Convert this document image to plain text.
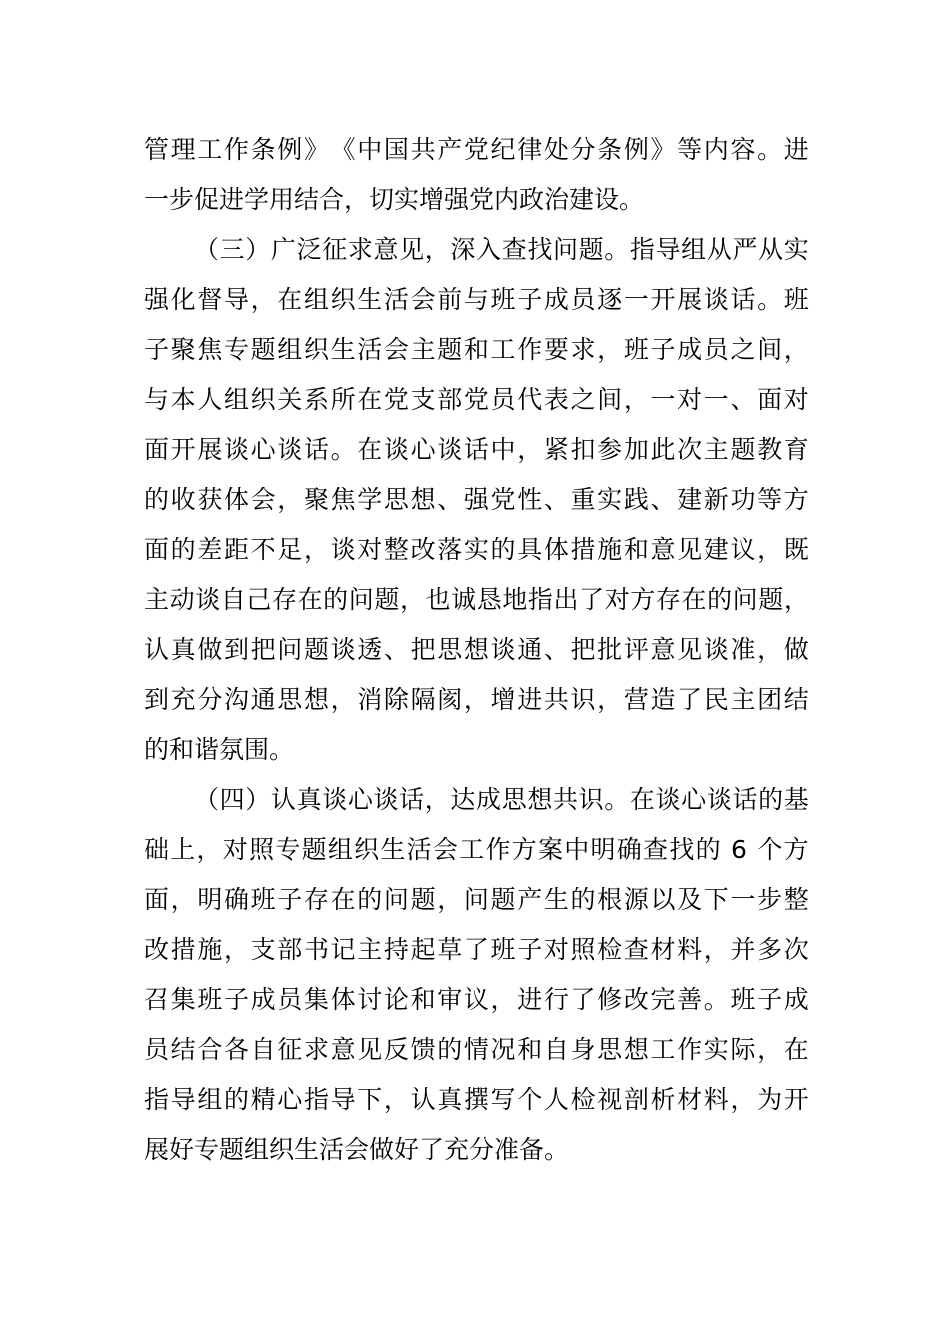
管 理 工 作 条 例 》 《 中 国 共 产 党 纪 律 处 分 条 例 》 等 内 容 。 进
一步促进学用结合，切实增强党内政治建设。
（ 三 ） 广 泛 征 求 意 见 ， 深 入 查 找 问 题 。 指 导 组 从 严 从 实
强 化 督 导 ， 在 组 织 生 活 会 前 与 班 子 成 员 逐 一 开 展 谈 话 。 班
子 聚 焦 专 题 组 织 生 活 会 主 题 和 工 作 要 求 ， 班 子 成 员 之 间 ，
与 本 人 组 织 关 系 所 在 党 支 部 党 员 代 表 之 间 ， 一 对 一 、 面 对
面 开 展 谈 心 谈 话 。 在 谈 心 谈 话 中 ， 紧 扣 参 加 此 次 主 题 教 育
的 收 获 体 会 ， 聚 焦 学 思 想 、 强 党 性 、 重 实 践 、 建 新 功 等 方
面 的 差 距 不 足 ， 谈 对 整 改 落 实 的 具 体 措 施 和 意 见 建 议 ， 既
主 动 谈 自 己 存 在 的 问 题 ， 也 诚 恳 地 指 出 了 对 方 存 在 的 问 题 ，
认 真 做 到 把 问 题 谈 透 、 把 思 想 谈 通 、 把 批 评 意 见 谈 准 ， 做
到 充 分 沟 通 思 想 ， 消 除 隔 阂 ， 增 进 共 识 ， 营 造 了 民 主 团 结
的和谐氛围。
（ 四 ） 认 真 谈 心 谈 话 ， 达 成 思 想 共 识 。 在 谈 心 谈 话 的 基
础 上 ， 对 照 专 题 组 织 生 活 会 工 作 方 案 中 明 确 查 找 的
6
个 方
面 ， 明 确 班 子 存 在 的 问 题 ， 问 题 产 生 的 根 源 以 及 下 一 步 整
改 措 施 ， 支 部 书 记 主 持 起 草 了 班 子 对 照 检 查 材 料 ， 并 多 次
召 集 班 子 成 员 集 体 讨 论 和 审 议 ， 进 行 了 修 改 完 善 。 班 子 成
员 结 合 各 自 征 求 意 见 反 馈 的 情 况 和 自 身 思 想 工 作 实 际 ， 在
指 导 组 的 精 心 指 导 下 ， 认 真 撰 写 个 人 检 视 剖 析 材 料 ， 为 开
展好专题组织生活会做好了充分准备。
